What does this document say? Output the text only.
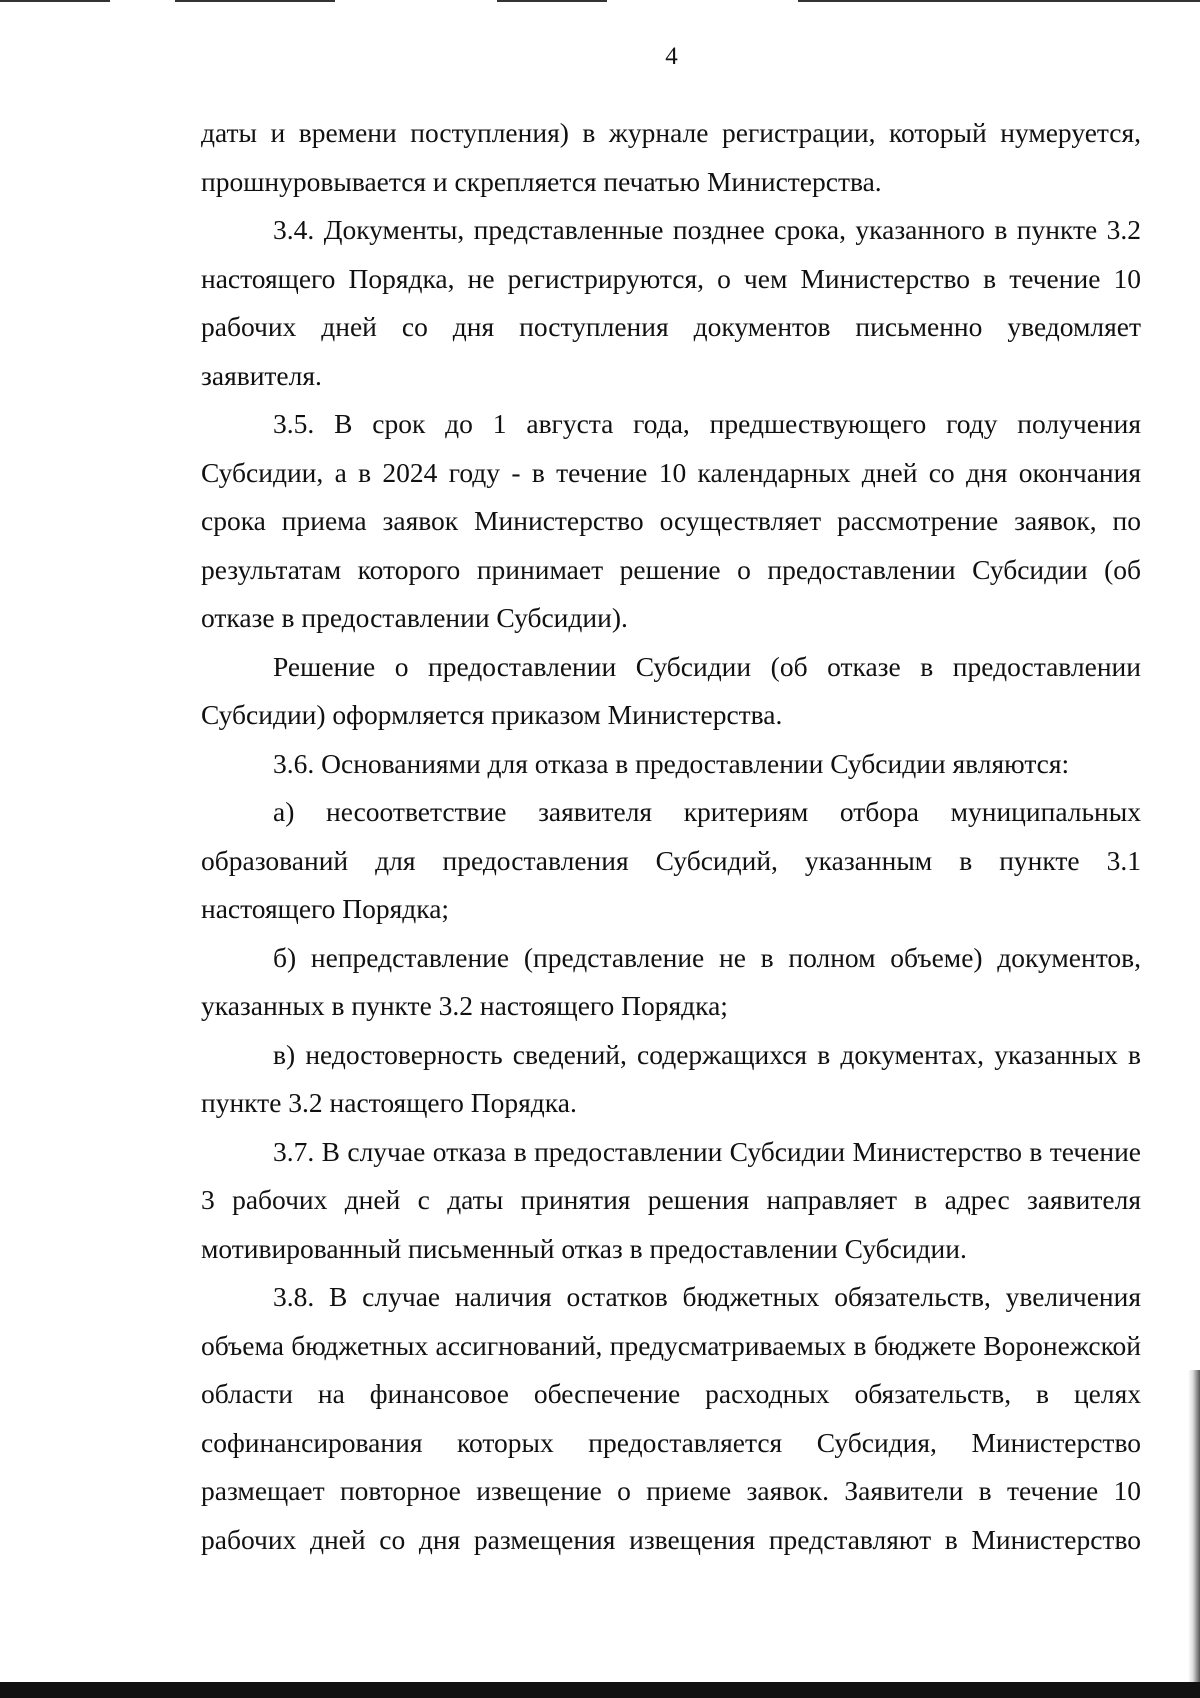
4

даты и времени поступления) в журнале регистрации, который нумеруется, прошнуровывается и скрепляется печатью Министерства.

3.4. Документы, представленные позднее срока, указанного в пункте 3.2 настоящего Порядка, не регистрируются, о чем Министерство в течение 10 рабочих дней со дня поступления документов письменно уведомляет заявителя.

3.5. В срок до 1 августа года, предшествующего году получения Субсидии, а в 2024 году - в течение 10 календарных дней со дня окончания срока приема заявок Министерство осуществляет рассмотрение заявок, по результатам которого принимает решение о предоставлении Субсидии (об отказе в предоставлении Субсидии).

Решение о предоставлении Субсидии (об отказе в предоставлении Субсидии) оформляется приказом Министерства.

3.6. Основаниями для отказа в предоставлении Субсидии являются:

а) несоответствие заявителя критериям отбора муниципальных образований для предоставления Субсидий, указанным в пункте 3.1 настоящего Порядка;

б) непредставление (представление не в полном объеме) документов, указанных в пункте 3.2 настоящего Порядка;

в) недостоверность сведений, содержащихся в документах, указанных в пункте 3.2 настоящего Порядка.

3.7. В случае отказа в предоставлении Субсидии Министерство в течение 3 рабочих дней с даты принятия решения направляет в адрес заявителя мотивированный письменный отказ в предоставлении Субсидии.

3.8. В случае наличия остатков бюджетных обязательств, увеличения объема бюджетных ассигнований, предусматриваемых в бюджете Воронежской области на финансовое обеспечение расходных обязательств, в целях софинансирования которых предоставляется Субсидия, Министерство размещает повторное извещение о приеме заявок. Заявители в течение 10 рабочих дней со дня размещения извещения представляют в Министерство
